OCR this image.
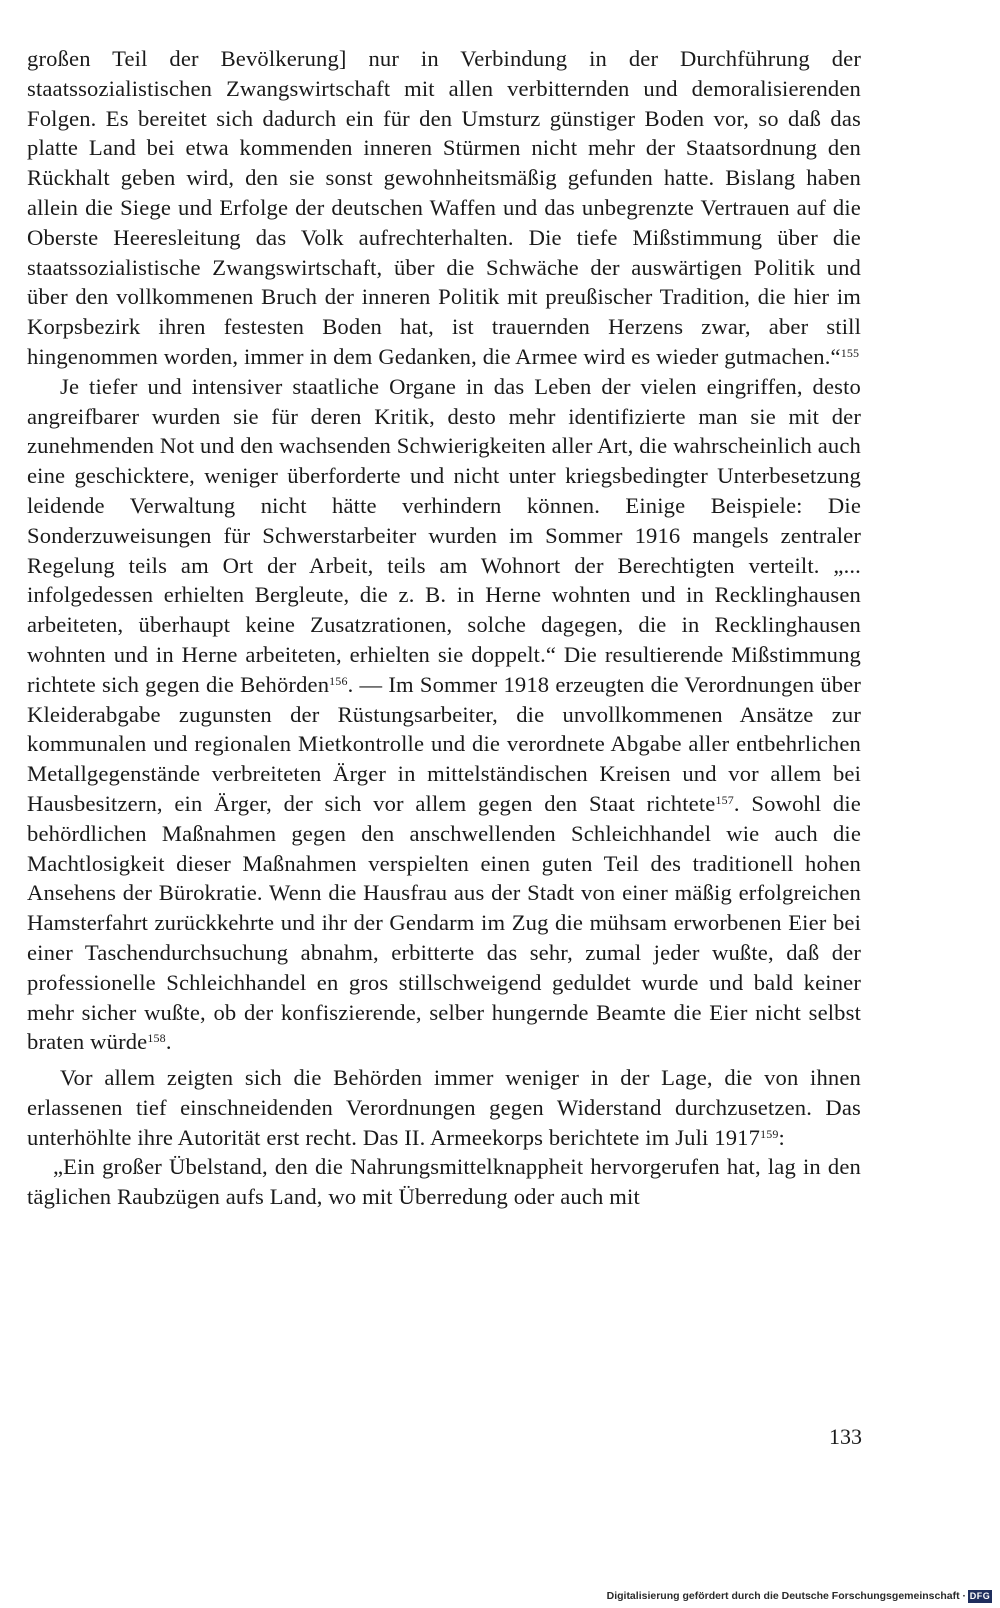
großen Teil der Bevölkerung] nur in Verbindung in der Durchführung der staatssozialistischen Zwangswirtschaft mit allen verbitternden und demoralisierenden Folgen. Es bereitet sich dadurch ein für den Umsturz günstiger Boden vor, so daß das platte Land bei etwa kommenden inneren Stürmen nicht mehr der Staatsordnung den Rückhalt geben wird, den sie sonst gewohnheitsmäßig gefunden hatte. Bislang haben allein die Siege und Erfolge der deutschen Waffen und das unbegrenzte Vertrauen auf die Oberste Heeresleitung das Volk aufrechterhalten. Die tiefe Mißstimmung über die staatssozialistische Zwangswirtschaft, über die Schwäche der auswärtigen Politik und über den vollkommenen Bruch der inneren Politik mit preußischer Tradition, die hier im Korpsbezirk ihren festesten Boden hat, ist trauernden Herzens zwar, aber still hingenommen worden, immer in dem Gedanken, die Armee wird es wieder gutmachen.“$^{155}$

Je tiefer und intensiver staatliche Organe in das Leben der vielen eingriffen, desto angreifbarer wurden sie für deren Kritik, desto mehr identifizierte man sie mit der zunehmenden Not und den wachsenden Schwierigkeiten aller Art, die wahrscheinlich auch eine geschicktere, weniger überforderte und nicht unter kriegsbedingter Unterbesetzung leidende Verwaltung nicht hätte verhindern können. Einige Beispiele: Die Sonderzuweisungen für Schwerstarbeiter wurden im Sommer 1916 mangels zentraler Regelung teils am Ort der Arbeit, teils am Wohnort der Berechtigten verteilt. „... infolgedessen erhielten Bergleute, die z. B. in Herne wohnten und in Recklinghausen arbeiteten, überhaupt keine Zusatzrationen, solche dagegen, die in Recklinghausen wohnten und in Herne arbeiteten, erhielten sie doppelt.“ Die resultierende Mißstimmung richtete sich gegen die Behörden$^{156}$. — Im Sommer 1918 erzeugten die Verordnungen über Kleiderabgabe zugunsten der Rüstungsarbeiter, die unvollkommenen Ansätze zur kommunalen und regionalen Mietkontrolle und die verordnete Abgabe aller entbehrlichen Metallgegenstände verbreiteten Ärger in mittelständischen Kreisen und vor allem bei Hausbesitzern, ein Ärger, der sich vor allem gegen den Staat richtete$^{157}$. Sowohl die behördlichen Maßnahmen gegen den anschwellenden Schleichhandel wie auch die Machtlosigkeit dieser Maßnahmen verspielten einen guten Teil des traditionell hohen Ansehens der Bürokratie. Wenn die Hausfrau aus der Stadt von einer mäßig erfolgreichen Hamsterfahrt zurückkehrte und ihr der Gendarm im Zug die mühsam erworbenen Eier bei einer Taschendurchsuchung abnahm, erbitterte das sehr, zumal jeder wußte, daß der professionelle Schleichhandel en gros stillschweigend geduldet wurde und bald keiner mehr sicher wußte, ob der konfiszierende, selber hungernde Beamte die Eier nicht selbst braten würde$^{158}$.

Vor allem zeigten sich die Behörden immer weniger in der Lage, die von ihnen erlassenen tief einschneidenden Verordnungen gegen Widerstand durchzusetzen. Das unterhöhlte ihre Autorität erst recht. Das II. Armeekorps berichtete im Juli 1917$^{159}$:

„Ein großer Übelstand, den die Nahrungsmittelknappheit hervorgerufen hat, lag in den täglichen Raubzügen aufs Land, wo mit Überredung oder auch mit

133
Digitalisierung gefördert durch die Deutsche Forschungsgemeinschaft · DFG
